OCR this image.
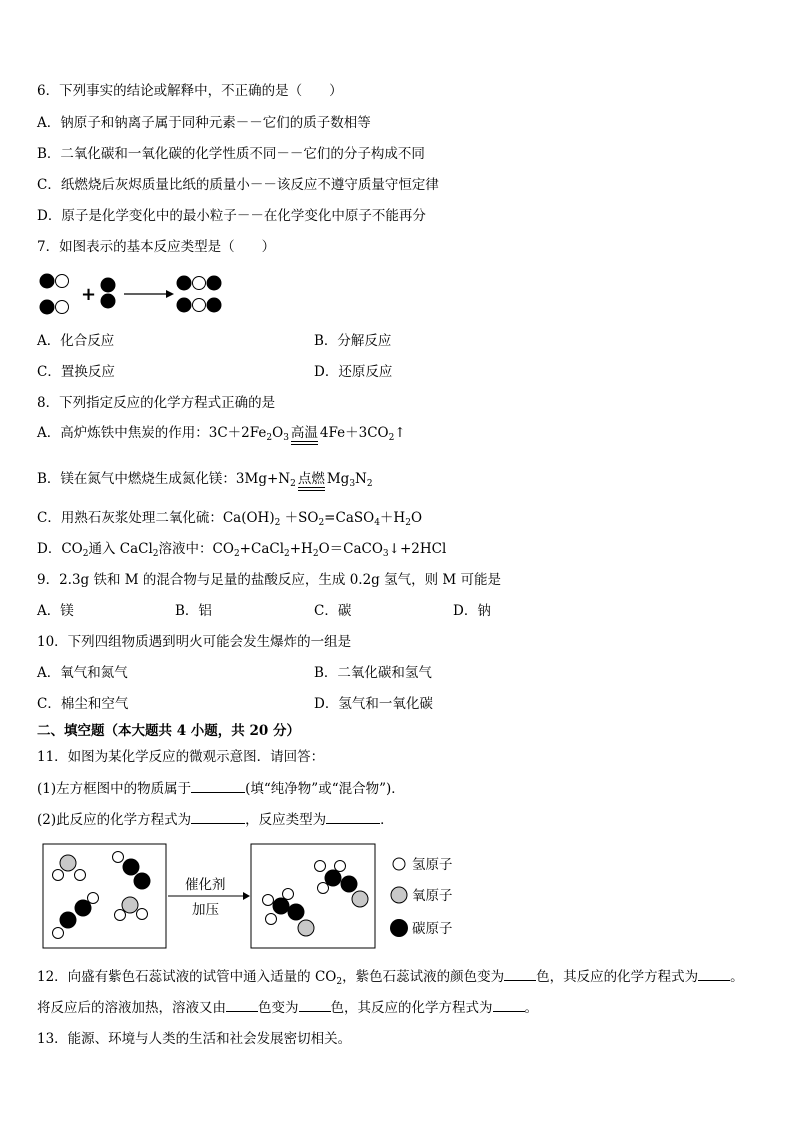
6．下列事实的结论或解释中，不正确的是（　　）
A．钠原子和钠离子属于同种元素－－它们的质子数相等
B．二氧化碳和一氧化碳的化学性质不同－－它们的分子构成不同
C．纸燃烧后灰烬质量比纸的质量小－－该反应不遵守质量守恒定律
D．原子是化学变化中的最小粒子－－在化学变化中原子不能再分
7．如图表示的基本反应类型是（　　）
+
A．化合反应	B．分解反应
C．置换反应	D．还原反应
8．下列指定反应的化学方程式正确的是
A．高炉炼铁中焦炭的作用：$3C+2Fe_2O_3$ 高温 $4Fe+3CO_2↑$
B．镁在氮气中燃烧生成氮化镁：$3Mg+N_2$ 点燃 $Mg_3N_2$
C．用熟石灰浆处理二氧化硫：$Ca(OH)_2$ $+SO_2=CaSO_4+H_2O$
D．$CO_2$通入 CaCl$_2$溶液中：$CO_2+CaCl_2+H_2O=CaCO_3↓+2HCl$
9．2.3g 铁和 M 的混合物与足量的盐酸反应，生成 0.2g 氢气，则 M 可能是
A．镁	B．铝	C．碳	D．钠
10．下列四组物质遇到明火可能会发生爆炸的一组是
A．氧气和氮气	B．二氧化碳和氢气
C．棉尘和空气	D．氢气和一氧化碳
二、填空题（本大题共 4 小题，共 20 分）
11．如图为某化学反应的微观示意图．请回答：
(1)左方框图中的物质属于	(填“纯净物”或“混合物”)．
(2)此反应的化学方程式为	，反应类型为	．
催化剂
加压
氢原子
氧原子
碳原子
12．向盛有紫色石蕊试液的试管中通入适量的 $CO_2$，紫色石蕊试液的颜色变为 色，其反应的化学方程式为 。
将反应后的溶液加热，溶液又由 色变为 色，其反应的化学方程式为 。
13．能源、环境与人类的生活和社会发展密切相关。
